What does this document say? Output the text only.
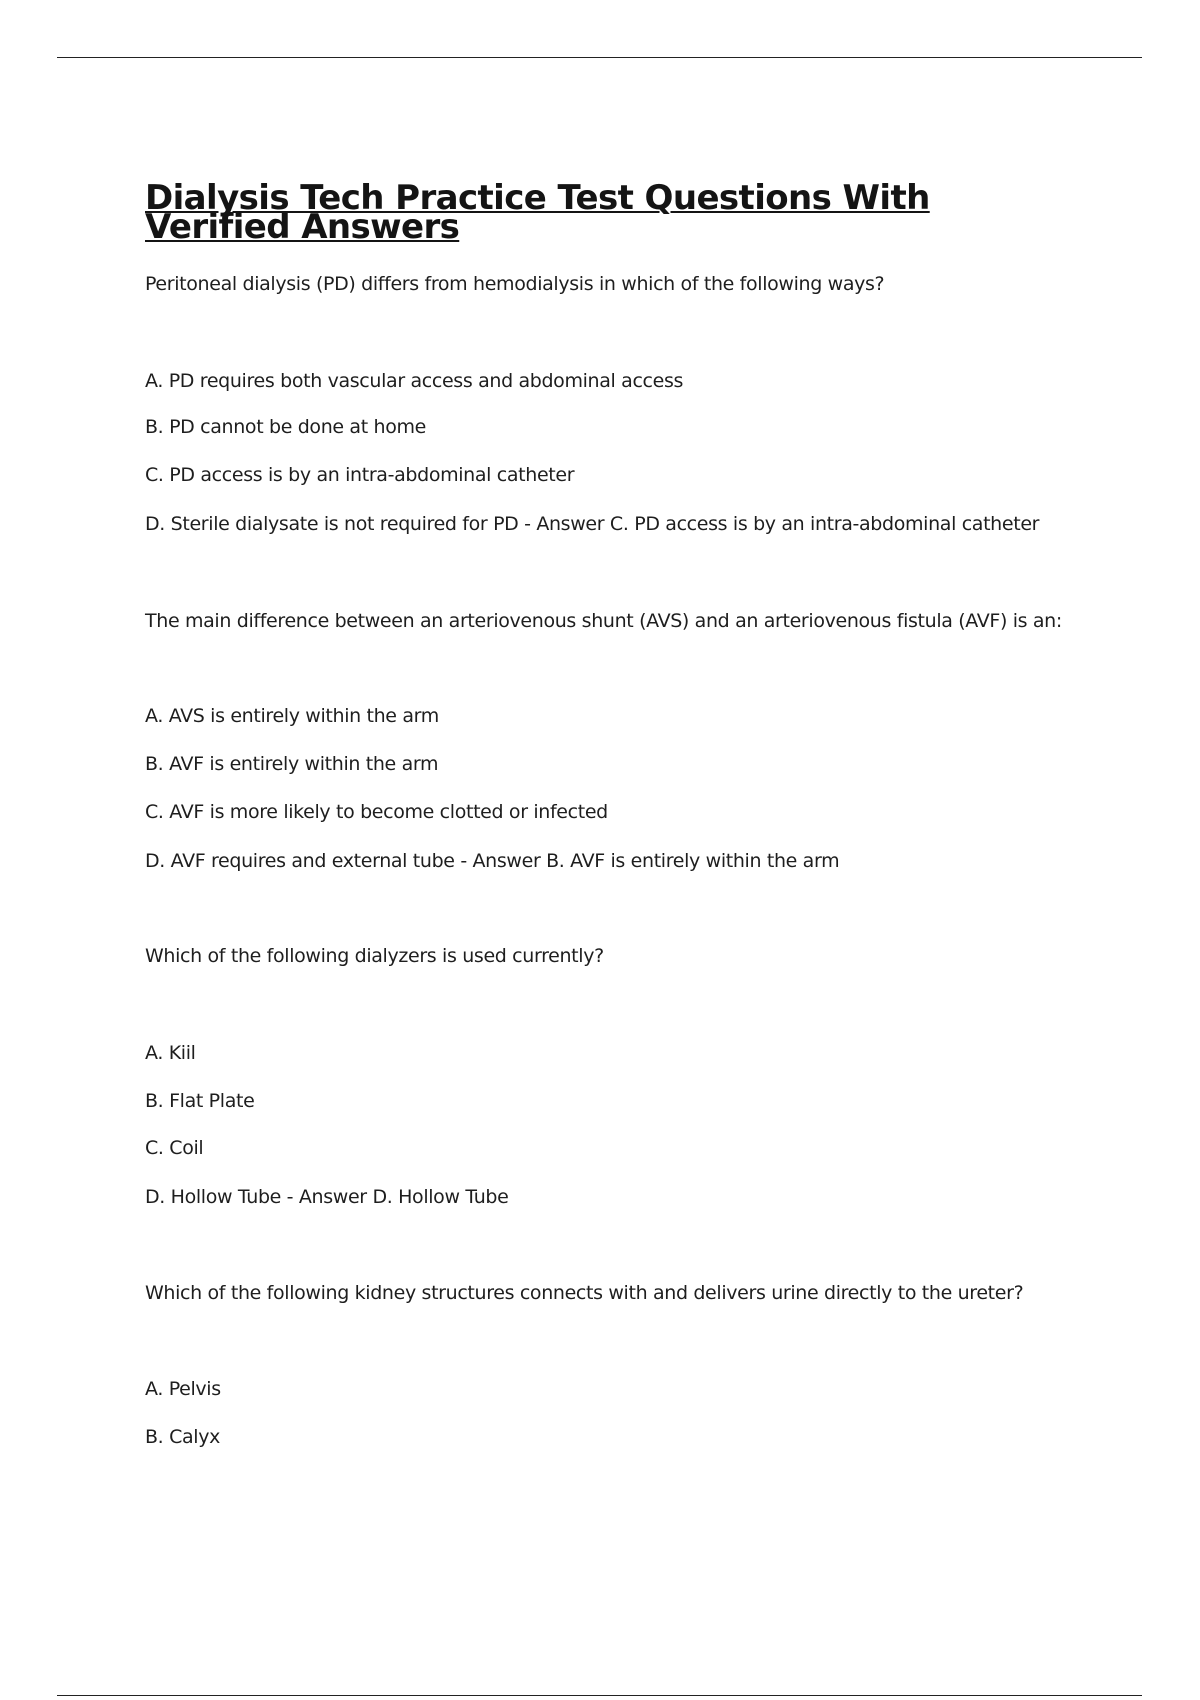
Dialysis Tech Practice Test Questions With Verified Answers

Peritoneal dialysis (PD) differs from hemodialysis in which of the following ways?

A. PD requires both vascular access and abdominal access

B. PD cannot be done at home

C. PD access is by an intra-abdominal catheter

D. Sterile dialysate is not required for PD - Answer C. PD access is by an intra-abdominal catheter

The main difference between an arteriovenous shunt (AVS) and an arteriovenous fistula (AVF) is an:

A. AVS is entirely within the arm

B. AVF is entirely within the arm

C. AVF is more likely to become clotted or infected

D. AVF requires and external tube - Answer B. AVF is entirely within the arm

Which of the following dialyzers is used currently?

A. Kiil

B. Flat Plate

C. Coil

D. Hollow Tube - Answer D. Hollow Tube

Which of the following kidney structures connects with and delivers urine directly to the ureter?

A. Pelvis

B. Calyx
